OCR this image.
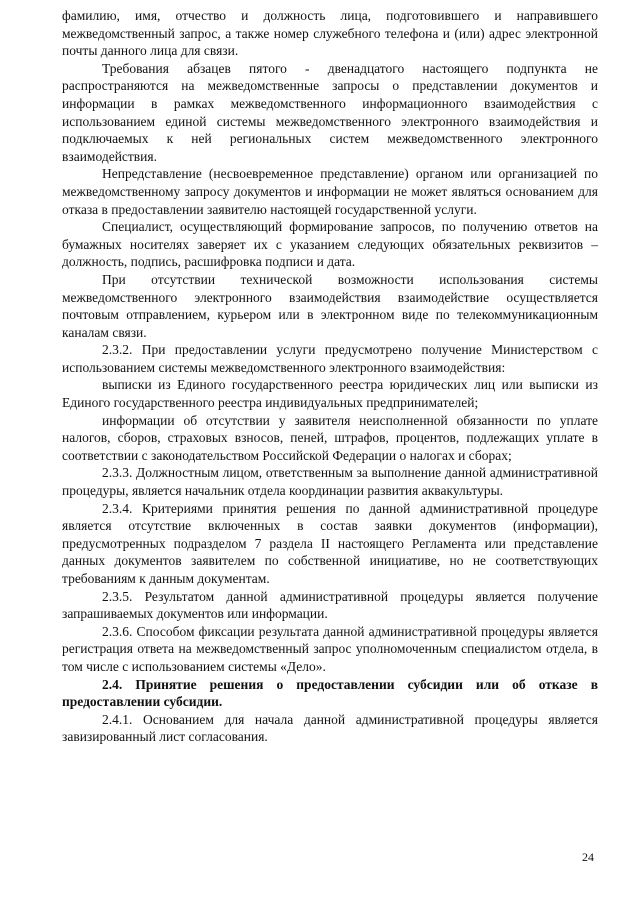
фамилию, имя, отчество и должность лица, подготовившего и направившего межведомственный запрос, а также номер служебного телефона и (или) адрес электронной почты данного лица для связи.

Требования абзацев пятого - двенадцатого настоящего подпункта не распространяются на межведомственные запросы о представлении документов и информации в рамках межведомственного информационного взаимодействия с использованием единой системы межведомственного электронного взаимодействия и подключаемых к ней региональных систем межведомственного электронного взаимодействия.

Непредставление (несвоевременное представление) органом или организацией по межведомственному запросу документов и информации не может являться основанием для отказа в предоставлении заявителю настоящей государственной услуги.

Специалист, осуществляющий формирование запросов, по получению ответов на бумажных носителях заверяет их с указанием следующих обязательных реквизитов – должность, подпись, расшифровка подписи и дата.

При отсутствии технической возможности использования системы межведомственного электронного взаимодействия взаимодействие осуществляется почтовым отправлением, курьером или в электронном виде по телекоммуникационным каналам связи.

2.3.2. При предоставлении услуги предусмотрено получение Министерством с использованием системы межведомственного электронного взаимодействия:

выписки из Единого государственного реестра юридических лиц или выписки из Единого государственного реестра индивидуальных предпринимателей;

информации об отсутствии у заявителя неисполненной обязанности по уплате налогов, сборов, страховых взносов, пеней, штрафов, процентов, подлежащих уплате в соответствии с законодательством Российской Федерации о налогах и сборах;

2.3.3. Должностным лицом, ответственным за выполнение данной административной процедуры, является начальник отдела координации развития аквакультуры.

2.3.4. Критериями принятия решения по данной административной процедуре является отсутствие включенных в состав заявки документов (информации), предусмотренных подразделом 7 раздела II настоящего Регламента или представление данных документов заявителем по собственной инициативе, но не соответствующих требованиям к данным документам.

2.3.5. Результатом данной административной процедуры является получение запрашиваемых документов или информации.

2.3.6. Способом фиксации результата данной административной процедуры является регистрация ответа на межведомственный запрос уполномоченным специалистом отдела, в том числе с использованием системы «Дело».

2.4. Принятие решения о предоставлении субсидии или об отказе в предоставлении субсидии.

2.4.1. Основанием для начала данной административной процедуры является завизированный лист согласования.

24
